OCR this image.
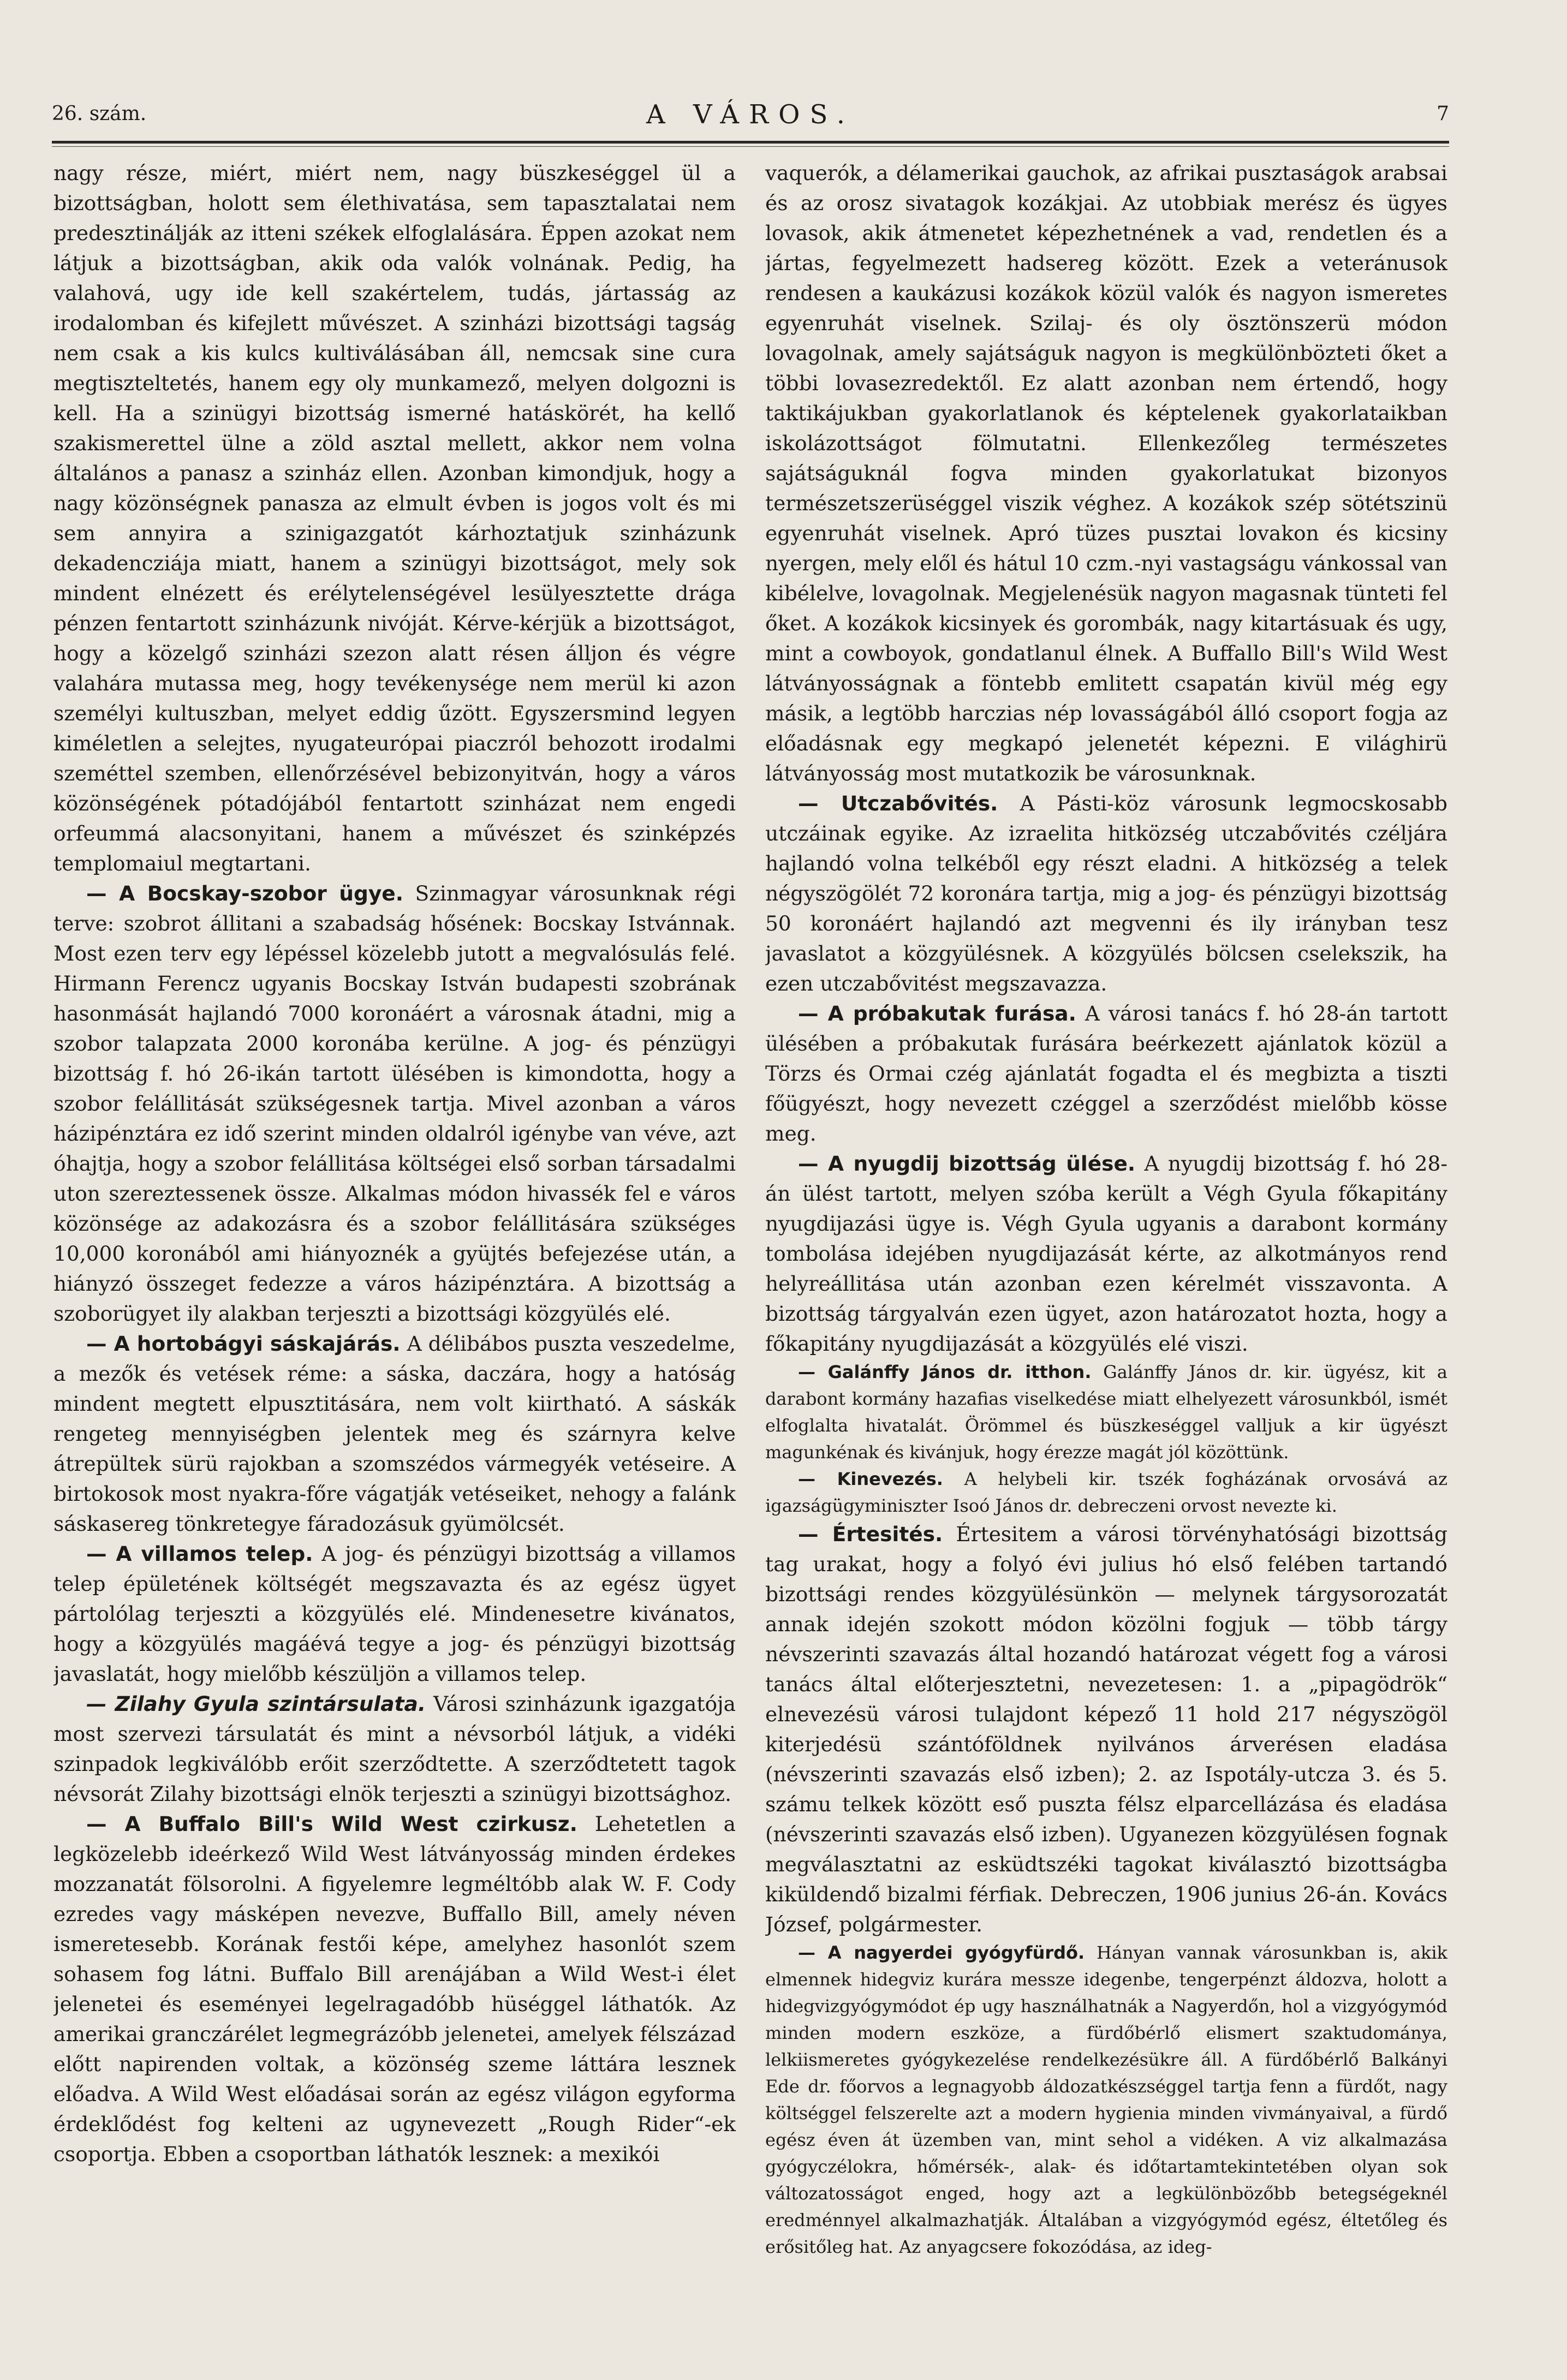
26. szám.	A VÁROS.	7

nagy része, miért, miért nem, nagy büszkeséggel ül a bizottságban, holott sem élethivatása, sem tapasztalatai nem predesztinálják az itteni székek elfoglalására. Éppen azokat nem látjuk a bizottságban, akik oda valók volnának. Pedig, ha valahová, ugy ide kell szakértelem, tudás, jártasság az irodalomban és kifejlett művészet. A szinházi bizottsági tagság nem csak a kis kulcs kultiválásában áll, nemcsak sine cura megtiszteltetés, hanem egy oly munkamező, melyen dolgozni is kell. Ha a szinügyi bizottság ismerné hatáskörét, ha kellő szakismerettel ülne a zöld asztal mellett, akkor nem volna általános a panasz a szinház ellen. Azonban kimondjuk, hogy a nagy közönségnek panasza az elmult évben is jogos volt és mi sem annyira a szinigazgatót kárhoztatjuk szinházunk dekadencziája miatt, hanem a szinügyi bizottságot, mely sok mindent elnézett és erélytelenségével lesülyesztette drága pénzen fentartott szinházunk nivóját. Kérve-kérjük a bizottságot, hogy a közelgő szinházi szezon alatt résen álljon és végre valahára mutassa meg, hogy tevékenysége nem merül ki azon személyi kultuszban, melyet eddig űzött. Egyszersmind legyen kiméletlen a selejtes, nyugateurópai piaczról behozott irodalmi szeméttel szemben, ellenőrzésével bebizonyitván, hogy a város közönségének pótadójából fentartott szinházat nem engedi orfeummá alacsonyitani, hanem a művészet és szinképzés templomaiul megtartani.

— A Bocskay-szobor ügye. Szinmagyar városunknak régi terve: szobrot állitani a szabadság hősének: Bocskay Istvánnak. Most ezen terv egy lépéssel közelebb jutott a megvalósulás felé. Hirmann Ferencz ugyanis Bocskay István budapesti szobrának hasonmását hajlandó 7000 koronáért a városnak átadni, mig a szobor talapzata 2000 koronába kerülne. A jog- és pénzügyi bizottság f. hó 26-ikán tartott ülésében is kimondotta, hogy a szobor felállitását szükségesnek tartja. Mivel azonban a város házipénztára ez idő szerint minden oldalról igénybe van véve, azt óhajtja, hogy a szobor felállitása költségei első sorban társadalmi uton szereztessenek össze. Alkalmas módon hivassék fel e város közönsége az adakozásra és a szobor felállitására szükséges 10,000 koronából ami hiányoznék a gyüjtés befejezése után, a hiányzó összeget fedezze a város házipénztára. A bizottság a szoborügyet ily alakban terjeszti a bizottsági közgyülés elé.

— A hortobágyi sáskajárás. A délibábos puszta veszedelme, a mezők és vetések réme: a sáska, daczára, hogy a hatóság mindent megtett elpusztitására, nem volt kiirtható. A sáskák rengeteg mennyiségben jelentek meg és szárnyra kelve átrepültek sürü rajokban a szomszédos vármegyék vetéseire. A birtokosok most nyakra-főre vágatják vetéseiket, nehogy a falánk sáskasereg tönkretegye fáradozásuk gyümölcsét.

— A villamos telep. A jog- és pénzügyi bizottság a villamos telep épületének költségét megszavazta és az egész ügyet pártolólag terjeszti a közgyülés elé. Mindenesetre kivánatos, hogy a közgyülés magáévá tegye a jog- és pénzügyi bizottság javaslatát, hogy mielőbb készüljön a villamos telep.

— Zilahy Gyula szintársulata. Városi szinházunk igazgatója most szervezi társulatát és mint a névsorból látjuk, a vidéki szinpadok legkiválóbb erőit szerződtette. A szerződtetett tagok névsorát Zilahy bizottsági elnök terjeszti a szinügyi bizottsághoz.

— A Buffalo Bill's Wild West czirkusz. Lehetetlen a legközelebb ideérkező Wild West látványosság minden érdekes mozzanatát fölsorolni. A figyelemre legméltóbb alak W. F. Cody ezredes vagy másképen nevezve, Buffallo Bill, amely néven ismeretesebb. Korának festői képe, amelyhez hasonlót szem sohasem fog látni. Buffalo Bill arenájában a Wild West-i élet jelenetei és eseményei legelragadóbb hüséggel láthatók. Az amerikai granczárélet legmegrázóbb jelenetei, amelyek félszázad előtt napirenden voltak, a közönség szeme láttára lesznek előadva. A Wild West előadásai során az egész világon egyforma érdeklődést fog kelteni az ugynevezett „Rough Rider“-ek csoportja. Ebben a csoportban láthatók lesznek: a mexikói

vaquerók, a délamerikai gauchok, az afrikai pusztaságok arabsai és az orosz sivatagok kozákjai. Az utobbiak merész és ügyes lovasok, akik átmenetet képezhetnének a vad, rendetlen és a jártas, fegyelmezett hadsereg között. Ezek a veteránusok rendesen a kaukázusi kozákok közül valók és nagyon ismeretes egyenruhát viselnek. Szilaj- és oly ösztönszerü módon lovagolnak, amely sajátságuk nagyon is megkülönbözteti őket a többi lovasezredektől. Ez alatt azonban nem értendő, hogy taktikájukban gyakorlatlanok és képtelenek gyakorlataikban iskolázottságot fölmutatni. Ellenkezőleg természetes sajátságuknál fogva minden gyakorlatukat bizonyos természetszerüséggel viszik véghez. A kozákok szép sötétszinü egyenruhát viselnek. Apró tüzes pusztai lovakon és kicsiny nyergen, mely elől és hátul 10 czm.-nyi vastagságu vánkossal van kibélelve, lovagolnak. Megjelenésük nagyon magasnak tünteti fel őket. A kozákok kicsinyek és gorombák, nagy kitartásuak és ugy, mint a cowboyok, gondatlanul élnek. A Buffallo Bill's Wild West látványosságnak a föntebb emlitett csapatán kivül még egy másik, a legtöbb harczias nép lovasságából álló csoport fogja az előadásnak egy megkapó jelenetét képezni. E világhirü látványosság most mutatkozik be városunknak.

— Utczabővités. A Pásti-köz városunk legmocskosabb utczáinak egyike. Az izraelita hitközség utczabővités czéljára hajlandó volna telkéből egy részt eladni. A hitközség a telek négyszögölét 72 koronára tartja, mig a jog- és pénzügyi bizottság 50 koronáért hajlandó azt megvenni és ily irányban tesz javaslatot a közgyülésnek. A közgyülés bölcsen cselekszik, ha ezen utczabővitést megszavazza.

— A próbakutak furása. A városi tanács f. hó 28-án tartott ülésében a próbakutak furására beérkezett ajánlatok közül a Törzs és Ormai czég ajánlatát fogadta el és megbizta a tiszti főügyészt, hogy nevezett czéggel a szerződést mielőbb kösse meg.

— A nyugdij bizottság ülése. A nyugdij bizottság f. hó 28-án ülést tartott, melyen szóba került a Végh Gyula főkapitány nyugdijazási ügye is. Végh Gyula ugyanis a darabont kormány tombolása idejében nyugdijazását kérte, az alkotmányos rend helyreállitása után azonban ezen kérelmét visszavonta. A bizottság tárgyalván ezen ügyet, azon határozatot hozta, hogy a főkapitány nyugdijazását a közgyülés elé viszi.

— Galánffy János dr. itthon. Galánffy János dr. kir. ügyész, kit a darabont kormány hazafias viselkedése miatt elhelyezett városunkból, ismét elfoglalta hivatalát. Örömmel és büszkeséggel valljuk a kir ügyészt magunkénak és kivánjuk, hogy érezze magát jól közöttünk.

— Kinevezés. A helybeli kir. tszék fogházának orvosává az igazságügyminiszter Isoó János dr. debreczeni orvost nevezte ki.

— Értesités. Értesitem a városi törvényhatósági bizottság tag urakat, hogy a folyó évi julius hó első felében tartandó bizottsági rendes közgyülésünkön — melynek tárgysorozatát annak idején szokott módon közölni fogjuk — több tárgy névszerinti szavazás által hozandó határozat végett fog a városi tanács által előterjesztetni, nevezetesen: 1. a „pipagödrök“ elnevezésü városi tulajdont képező 11 hold 217 négyszögöl kiterjedésü szántóföldnek nyilvános árverésen eladása (névszerinti szavazás első izben); 2. az Ispotály-utcza 3. és 5. számu telkek között eső puszta félsz elparcellázása és eladása (névszerinti szavazás első izben). Ugyanezen közgyülésen fognak megválasztatni az esküdtszéki tagokat kiválasztó bizottságba kiküldendő bizalmi férfiak. Debreczen, 1906 junius 26-án. Kovács József, polgármester.

— A nagyerdei gyógyfürdő. Hányan vannak városunkban is, akik elmennek hidegviz kurára messze idegenbe, tengerpénzt áldozva, holott a hidegvizgyógymódot ép ugy használhatnák a Nagyerdőn, hol a vizgyógymód minden modern eszköze, a fürdőbérlő elismert szaktudománya, lelkiismeretes gyógykezelése rendelkezésükre áll. A fürdőbérlő Balkányi Ede dr. főorvos a legnagyobb áldozatkészséggel tartja fenn a fürdőt, nagy költséggel felszerelte azt a modern hygienia minden vivmányaival, a fürdő egész éven át üzemben van, mint sehol a vidéken. A viz alkalmazása gyógyczélokra, hőmérsék-, alak- és időtartamtekintetében olyan sok változatosságot enged, hogy azt a legkülönbözőbb betegségeknél eredménnyel alkalmazhatják. Általában a vizgyógymód egész, éltetőleg és erősitőleg hat. Az anyagcsere fokozódása, az ideg-
